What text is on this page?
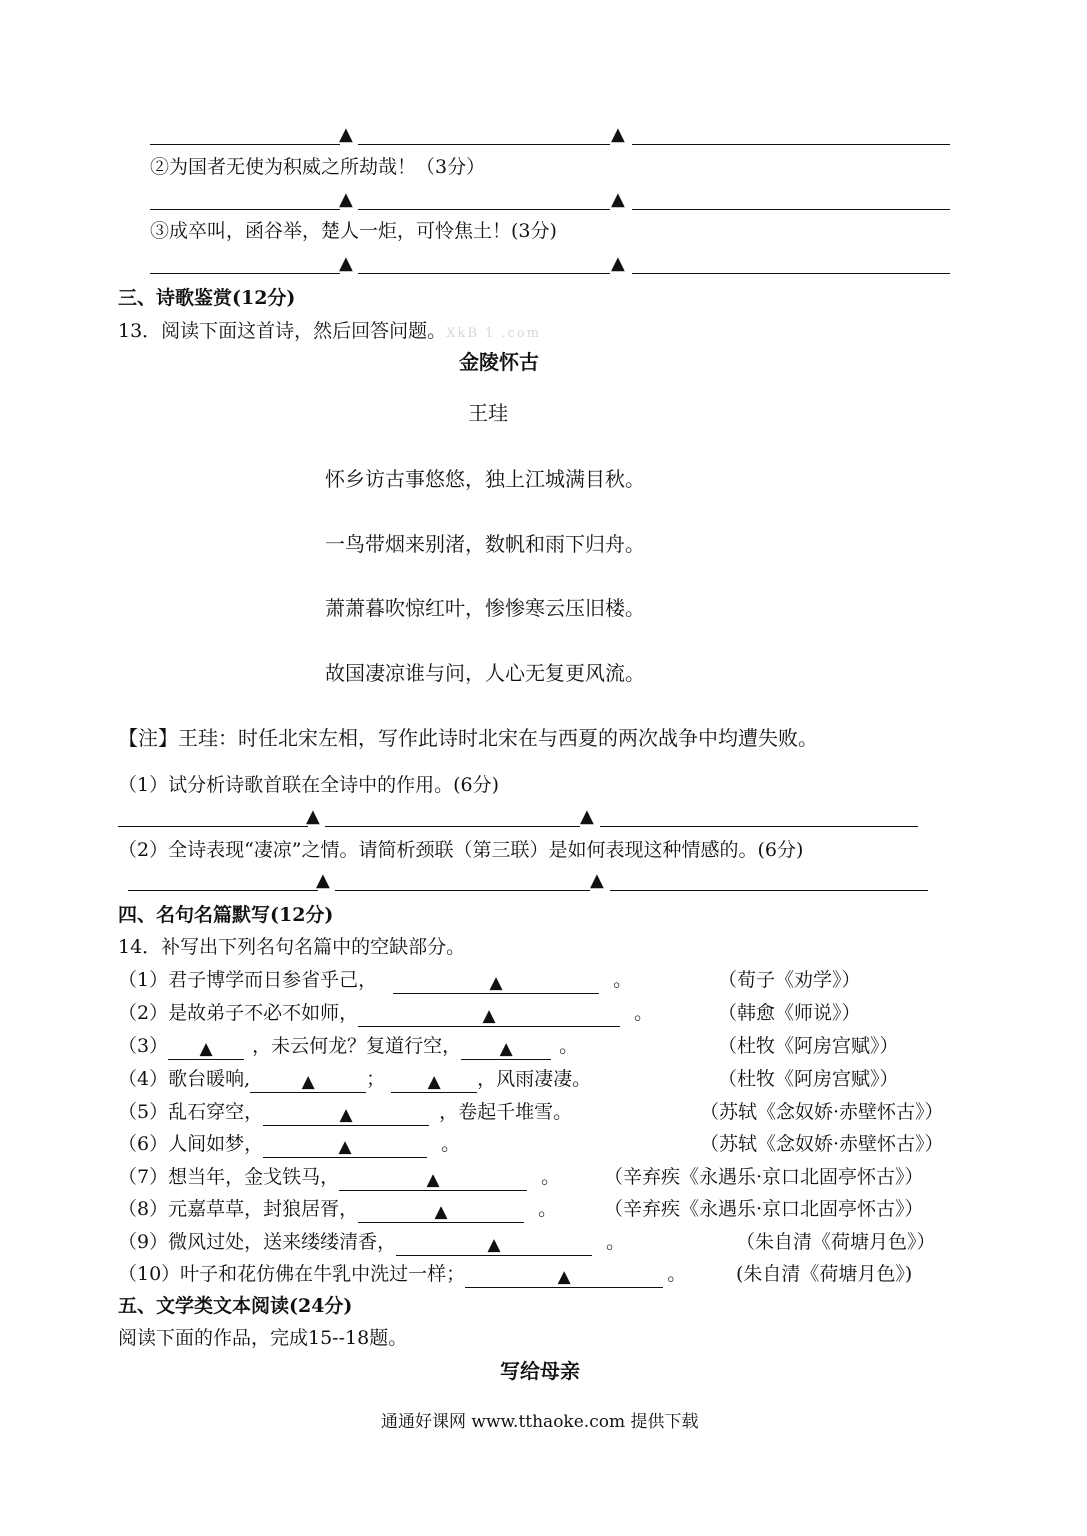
▲	▲
②为国者无使为积威之所劫哉！（3分）
▲	▲
③成卒叫，函谷举，楚人一炬，可怜焦土！(3分)
▲	▲
三、诗歌鉴赏(12分)
13．阅读下面这首诗，然后回答问题。XkB 1 .com
金陵怀古
王珪
怀乡访古事悠悠，独上江城满目秋。
一鸟带烟来别渚，数帆和雨下归舟。
萧萧暮吹惊红叶，惨惨寒云压旧楼。
故国凄凉谁与问，人心无复更风流。
【注】王珪：时任北宋左相，写作此诗时北宋在与西夏的两次战争中均遭失败。
（1）试分析诗歌首联在全诗中的作用。(6分)
▲	▲
（2）全诗表现“凄凉”之情。请简析颈联（第三联）是如何表现这种情感的。(6分)
▲	▲
四、名句名篇默写(12分)
14．补写出下列名句名篇中的空缺部分。
（1）君子博学而日参省乎己，	▲	。	（荀子《劝学》）
（2）是故弟子不必不如师，	▲	。	（韩愈《师说》）
（3） ▲ ，未云何龙？复道行空， ▲ 。	（杜牧《阿房宫赋》）
（4）歌台暖响,	▲	； ▲ ，风雨凄凄。	（杜牧《阿房宫赋》）
（5）乱石穿空，	▲	，卷起千堆雪。	（苏轼《念奴娇·赤壁怀古》）
（6）人间如梦，	▲	。	（苏轼《念奴娇·赤壁怀古》）
（7）想当年，金戈铁马，	▲	。 （辛弃疾《永遇乐·京口北固亭怀古》）
（8）元嘉草草，封狼居胥，	▲	。 （辛弃疾《永遇乐·京口北固亭怀古》）
（9）微风过处，送来缕缕清香，	▲	。	（朱自清《荷塘月色》）
（10）叶子和花仿佛在牛乳中洗过一样；	▲	。	(朱自清《荷塘月色》)
五、文学类文本阅读(24分)
阅读下面的作品，完成15--18题。
写给母亲
通通好课网 www.tthaoke.com 提供下载
